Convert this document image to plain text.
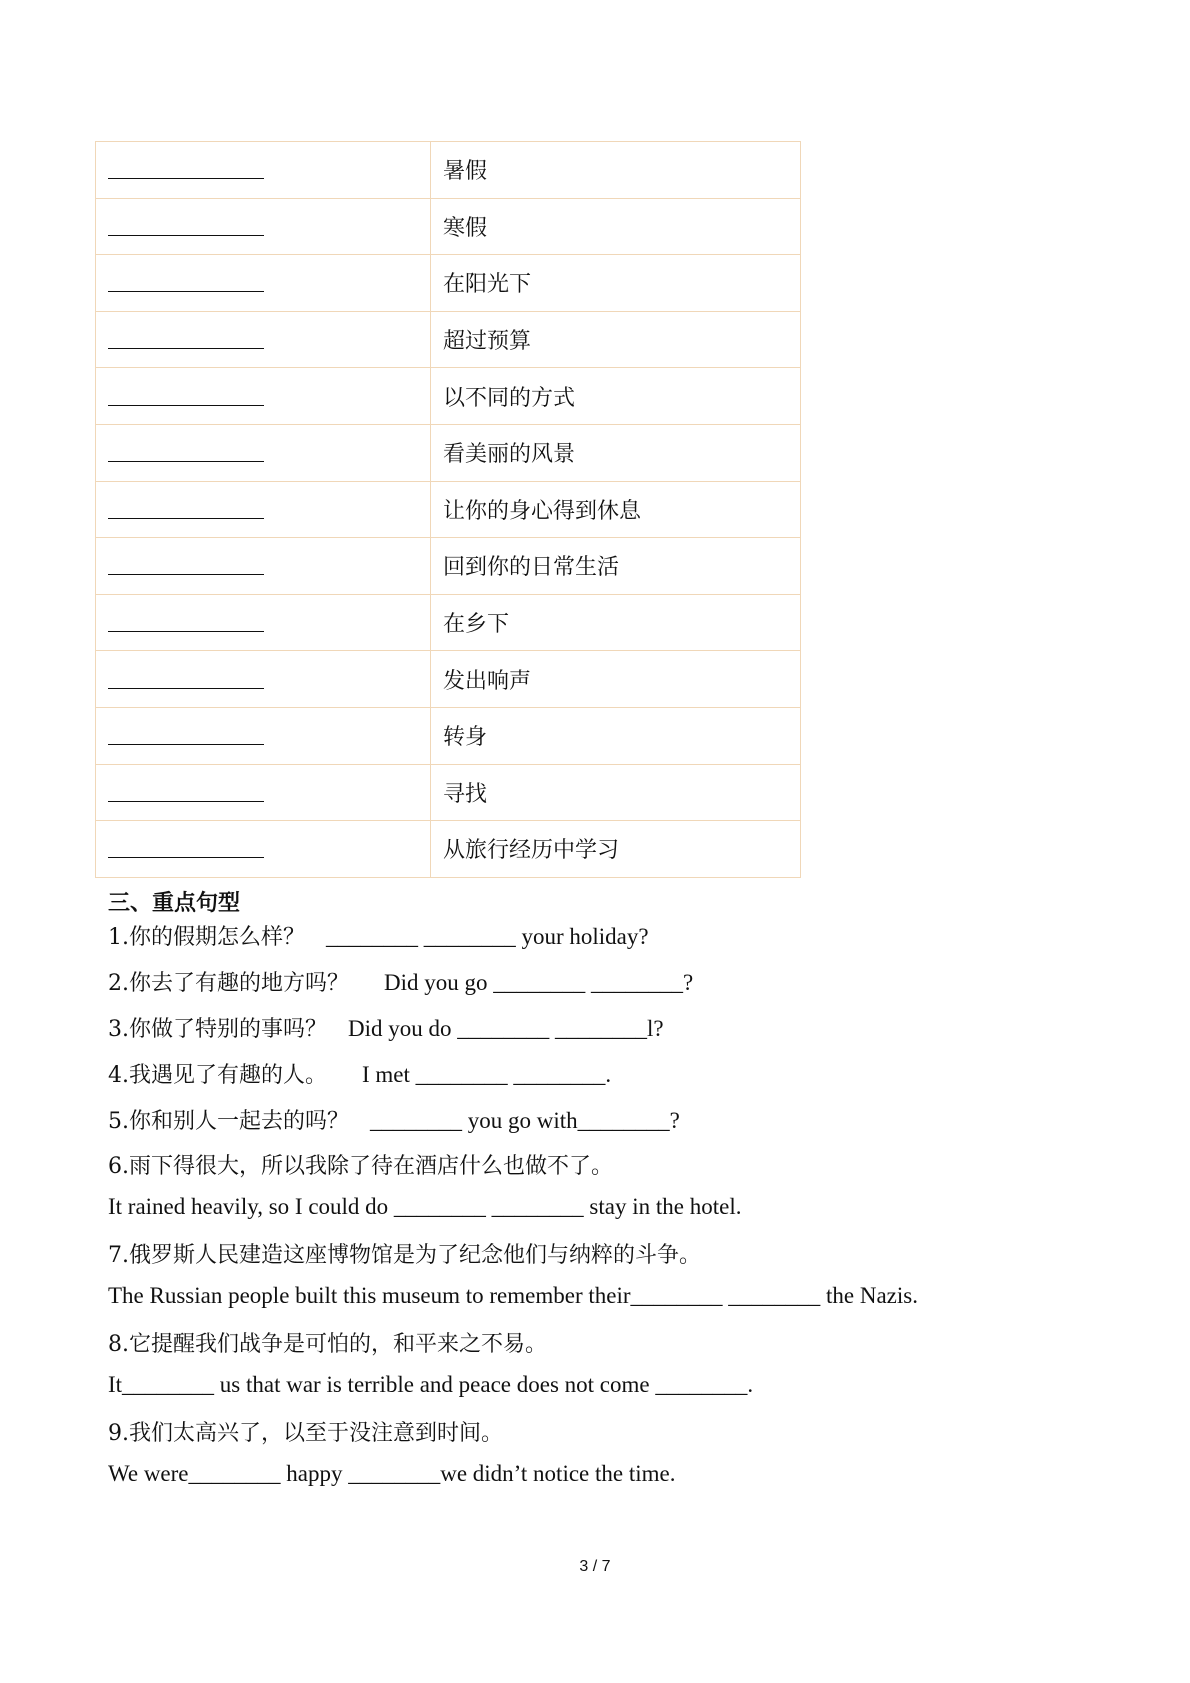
	暑假
	寒假
	在阳光下
	超过预算
	以不同的方式
	看美丽的风景
	让你的身心得到休息
	回到你的日常生活
	在乡下
	发出响声
	转身
	寻找
	从旅行经历中学习
三、重点句型
1.你的假期怎么样？ ________ ________ your holiday?
2.你去了有趣的地方吗？ Did you go ________ ________?
3.你做了特别的事吗？ Did you do ________ ________l?
4.我遇见了有趣的人。 I met ________ ________.
5.你和别人一起去的吗？ ________ you go with________?
6.雨下得很大，所以我除了待在酒店什么也做不了。
It rained heavily, so I could do ________ ________ stay in the hotel.
7.俄罗斯人民建造这座博物馆是为了纪念他们与纳粹的斗争。
The Russian people built this museum to remember their________ ________ the Nazis.
8.它提醒我们战争是可怕的，和平来之不易。
It________ us that war is terrible and peace does not come ________.
9.我们太高兴了，以至于没注意到时间。
We were________ happy ________we didn’t notice the time.
3 / 7
